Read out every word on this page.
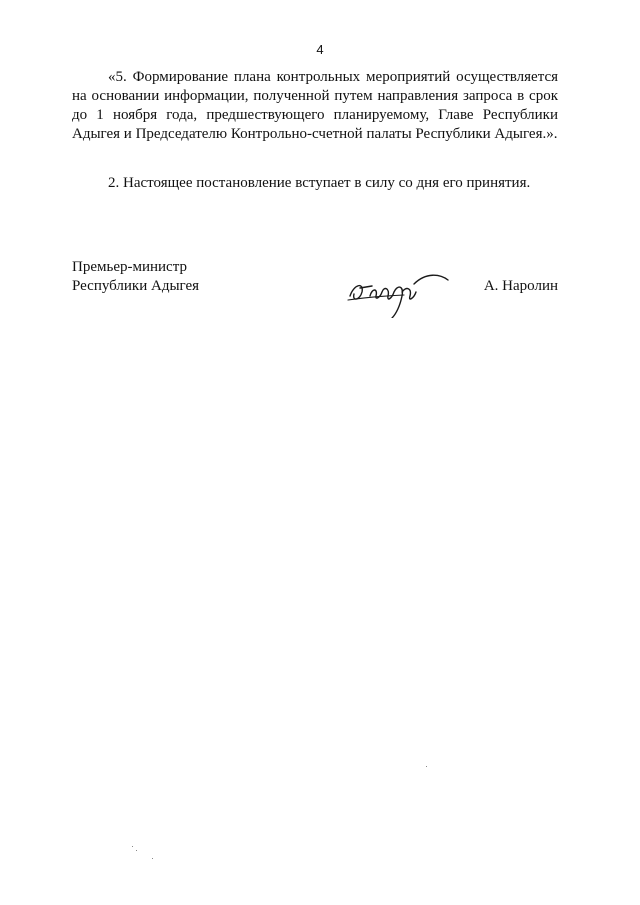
4

«5. Формирование плана контрольных мероприятий осуществляется на основании информации, полученной путем направления запроса в срок до 1 ноября года, предшествующего планируемому, Главе Республики Адыгея и Председателю Контрольно-счетной палаты Республики Адыгея.».

2. Настоящее постановление вступает в силу со дня его принятия.

Премьер-министр
Республики Адыгея	А. Наролин
